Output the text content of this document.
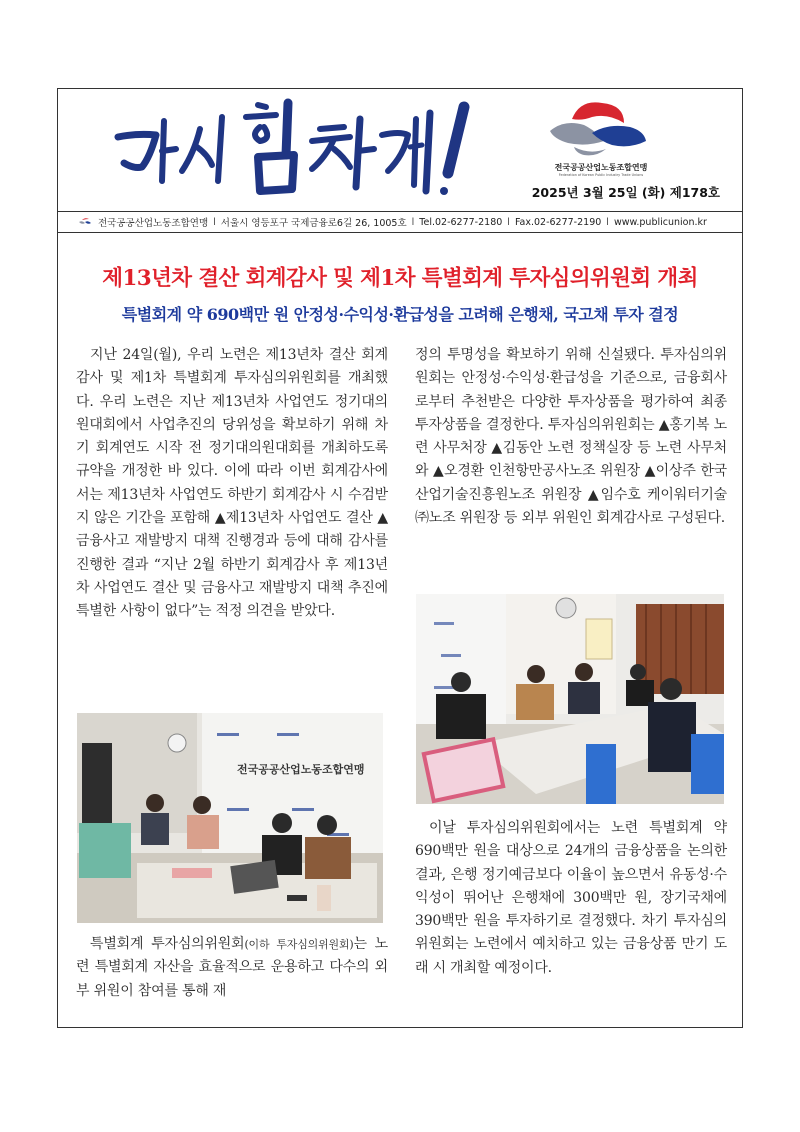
전국공공산업노동조합연맹
Federation of Korean Public Industry Trade Unions
2025년 3월 25일 (화) 제178호
전국공공산업노동조합연맹 l 서울시 영등포구 국제금융로6길 26, 1005호 l Tel.02-6277-2180 l Fax.02-6277-2190 l www.publicunion.kr
제13년차 결산 회계감사 및 제1차 특별회계 투자심의위원회 개최
특별회계 약 690백만 원 안정성·수익성·환급성을 고려해 은행채, 국고채 투자 결정

지난 24일(월), 우리 노련은 제13년차 결산 회계감사 및 제1차 특별회계 투자심의위원회를 개최했다. 우리 노련은 지난 제13년차 사업연도 정기대의원대회에서 사업추진의 당위성을 확보하기 위해 차기 회계연도 시작 전 정기대의원대회를 개최하도록 규약을 개정한 바 있다. 이에 따라 이번 회계감사에서는 제13년차 사업연도 하반기 회계감사 시 수검받지 않은 기간을 포함해 ▲제13년차 사업연도 결산 ▲금융사고 재발방지 대책 진행경과 등에 대해 감사를 진행한 결과 “지난 2월 하반기 회계감사 후 제13년차 사업연도 결산 및 금융사고 재발방지 대책 추진에 특별한 사항이 없다”는 적정 의견을 받았다.

전국공공산업노동조합연맹

특별회계 투자심의위원회(이하 투자심의위원회)는 노련 특별회계 자산을 효율적으로 운용하고 다수의 외부 위원이 참여를 통해 재

정의 투명성을 확보하기 위해 신설됐다. 투자심의위원회는 안정성·수익성·환급성을 기준으로, 금융회사로부터 추천받은 다양한 투자상품을 평가하여 최종 투자상품을 결정한다. 투자심의위원회는 ▲홍기복 노련 사무처장 ▲김동안 노련 정책실장 등 노련 사무처와 ▲오경환 인천항만공사노조 위원장 ▲이상주 한국산업기술진흥원노조 위원장 ▲임수호 케이워터기술㈜노조 위원장 등 외부 위원인 회계감사로 구성된다.

이날 투자심의위원회에서는 노련 특별회계 약 690백만 원을 대상으로 24개의 금융상품을 논의한 결과, 은행 정기예금보다 이율이 높으면서 유동성·수익성이 뛰어난 은행채에 300백만 원, 장기국채에 390백만 원을 투자하기로 결정했다. 차기 투자심의위원회는 노련에서 예치하고 있는 금융상품 만기 도래 시 개최할 예정이다.
